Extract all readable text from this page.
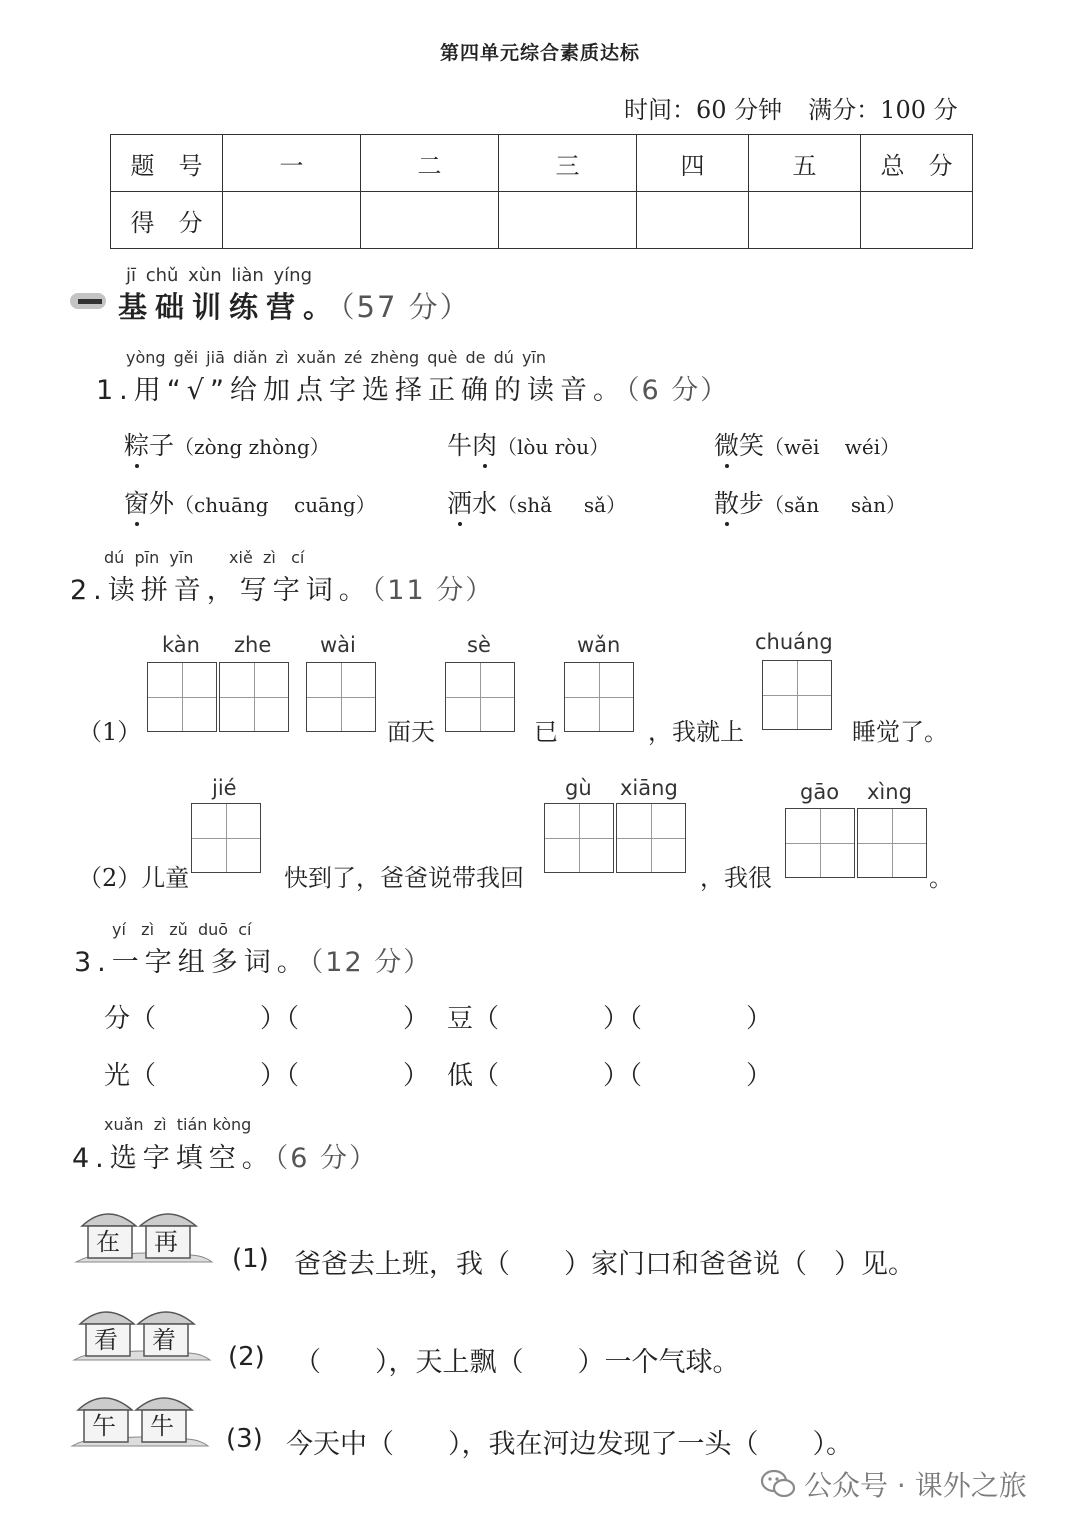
第四单元综合素质达标
时间：60 分钟 满分：100 分
题　号	一	二	三	四	五	总　分
得　分						
jī chǔ xùn liàn yíng
基础训练营。（57 分）
yòng gěi jiā diǎn zì xuǎn zé zhèng què de dú yīn
1.用“√”给加点字选择正确的读音。（6 分）
粽子（zòng zhòng）	牛肉（lòu ròu）	微笑（wēi    wéi）
窗外（chuāng    cuāng）	洒水（shǎ     sǎ）	散步（sǎn     sàn）
dú  pīn  yīn       xiě  zì   cí
2.读拼音，写字词。（11 分）
（1）
kàn zhe wài
面天
sè
已
wǎn
，我就上
chuáng
睡觉了。
（2）儿童
jié
快到了，爸爸说带我回
gù xiāng
，我很
gāo xìng
。
yí   zì   zǔ  duō  cí
3.一字组多词。（12 分）
分（　　　　）（　　　　） 豆（　　　　）（　　　　）
光（　　　　）（　　　　） 低（　　　　）（　　　　）
xuǎn  zì  tián kòng
4.选字填空。（6 分）
在 再
(1) 爸爸去上班，我（　　）家门口和爸爸说（　）见。
看 着
(2) （　　），天上飘（　　）一个气球。
午 牛 (3) 今天中（　　），我在河边发现了一头（　　）。
公众号 · 课外之旅
